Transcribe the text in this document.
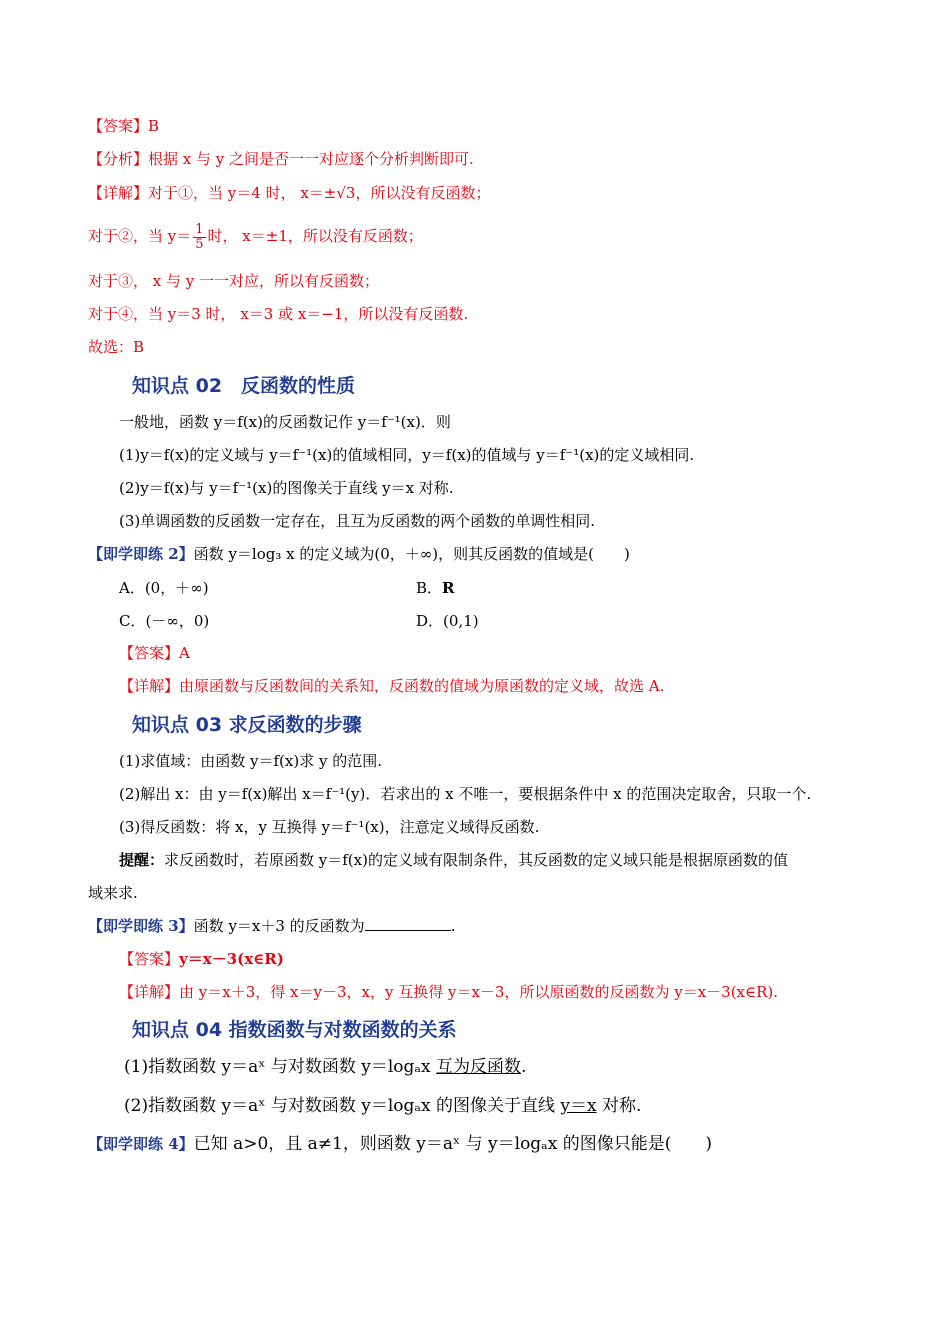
【答案】B
【分析】根据 x 与 y 之间是否一一对应逐个分析判断即可.
【详解】对于①，当 y＝4 时， x＝±√3，所以没有反函数；
对于②，当 $y= \frac{1}{5}$ 时， x＝±1，所以没有反函数；
对于③， x 与 y 一一对应，所以有反函数；
对于④，当 y＝3 时， x＝3 或 x＝−1，所以没有反函数.
故选：B
知识点 02　反函数的性质
一般地，函数 y＝f(x)的反函数记作 y＝f⁻¹(x)．则
(1)y＝f(x)的定义域与 y＝f⁻¹(x)的值域相同，y＝f(x)的值域与 y＝f⁻¹(x)的定义域相同.
(2)y＝f(x)与 y＝f⁻¹(x)的图像关于直线 y＝x 对称.
(3)单调函数的反函数一定存在，且互为反函数的两个函数的单调性相同.
【即学即练 2】函数 y＝log₃ x 的定义域为(0，＋∞)，则其反函数的值域是(　　)
A．(0，＋∞)	B．R
C．(－∞，0)	D．(0,1)
【答案】A
【详解】由原函数与反函数间的关系知，反函数的值域为原函数的定义域，故选 A.
知识点 03 求反函数的步骤
(1)求值域：由函数 y＝f(x)求 y 的范围.
(2)解出 x：由 y＝f(x)解出 x＝f⁻¹(y)．若求出的 x 不唯一，要根据条件中 x 的范围决定取舍，只取一个.
(3)得反函数：将 x，y 互换得 y＝f⁻¹(x)，注意定义域得反函数.
提醒：求反函数时，若原函数 y＝f(x)的定义域有限制条件，其反函数的定义域只能是根据原函数的值
域来求.
【即学即练 3】函数 y＝x＋3 的反函数为	.
【答案】y＝x－3(x∈R)
【详解】由 y＝x＋3，得 x＝y－3，x，y 互换得 y＝x－3，所以原函数的反函数为 y＝x－3(x∈R).
知识点 04 指数函数与对数函数的关系
(1)指数函数 y＝aˣ 与对数函数 y＝logₐx 互为反函数.
(2)指数函数 y＝aˣ 与对数函数 y＝logₐx 的图像关于直线 y＝x 对称.
【即学即练 4】已知 a>0，且 a≠1，则函数 y＝aˣ 与 y＝logₐx 的图像只能是(　　)
